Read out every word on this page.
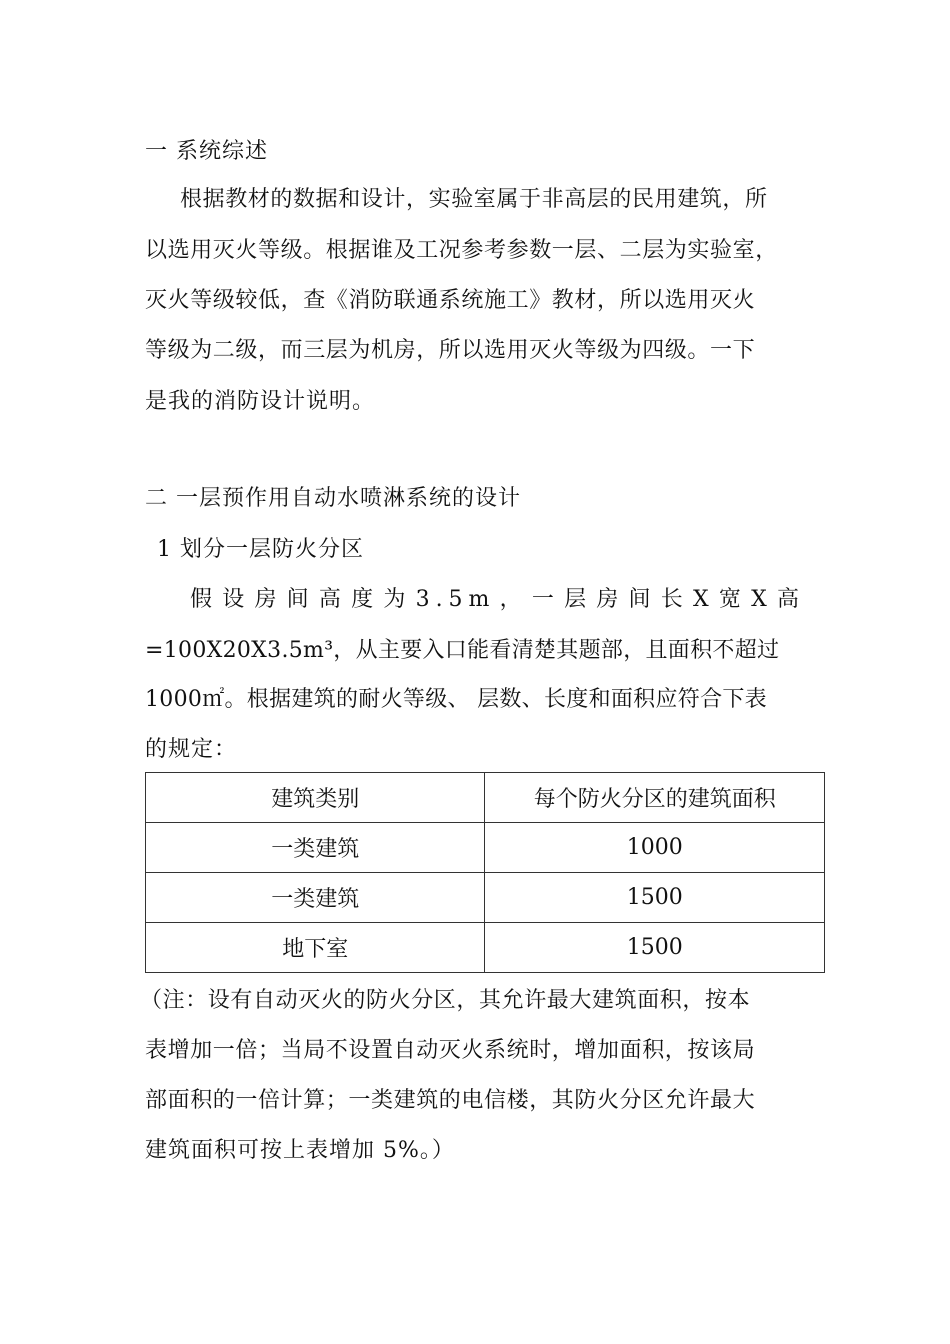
一 系统综述
根据教材的数据和设计，实验室属于非高层的民用建筑，所
以选用灭火等级。根据谁及工况参考参数一层、二层为实验室，
灭火等级较低，查《消防联通系统施工》教材，所以选用灭火
等级为二级，而三层为机房，所以选用灭火等级为四级。一下
是我的消防设计说明。
二 一层预作用自动水喷淋系统的设计
1 划分一层防火分区
假设房间高度为3.5m，一层房间长X宽X高
=100X20X3.5m³，从主要入口能看清楚其题部，且面积不超过
1000㎡。根据建筑的耐火等级、 层数、长度和面积应符合下表
的规定：
建筑类别	每个防火分区的建筑面积
一类建筑	1000
一类建筑	1500
地下室	1500
（注：设有自动灭火的防火分区，其允许最大建筑面积，按本
表增加一倍；当局不设置自动灭火系统时，增加面积，按该局
部面积的一倍计算；一类建筑的电信楼，其防火分区允许最大
建筑面积可按上表增加 5%。）
